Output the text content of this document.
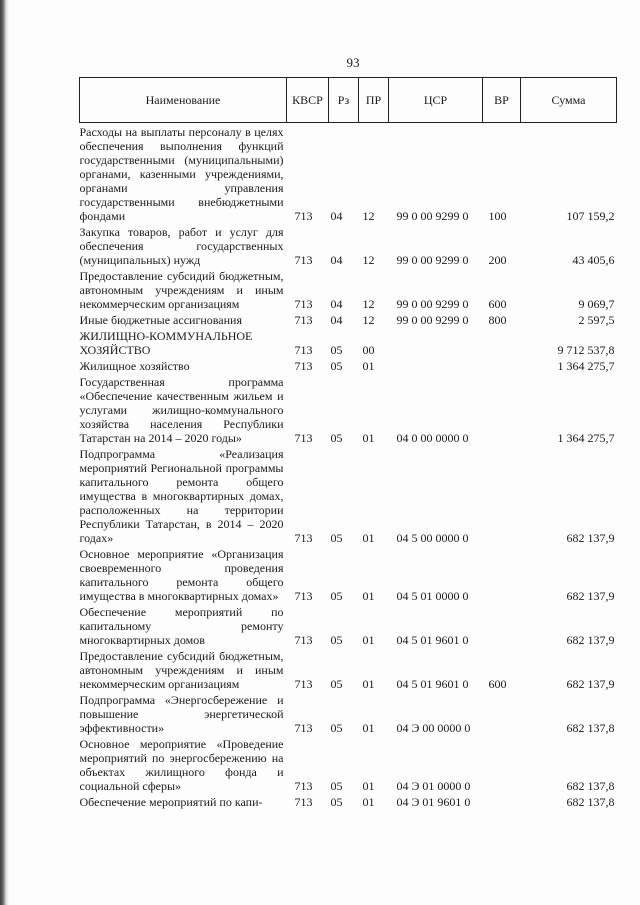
93
Наименование	КВСР	Рз	ПР	ЦСР	ВР	Сумма
Расходы на выплаты персоналу в целях обеспечения выполнения функций государственными (муниципальными) органами, казенными учреждениями, органами управления государственными внебюджетными фондами	713	04	12	99 0 00 9299 0	100	107 159,2
Закупка товаров, работ и услуг для обеспечения государственных (муниципальных) нужд	713	04	12	99 0 00 9299 0	200	43 405,6
Предоставление субсидий бюджетным, автономным учреждениям и иным некоммерческим организациям	713	04	12	99 0 00 9299 0	600	9 069,7
Иные бюджетные ассигнования	713	04	12	99 0 00 9299 0	800	2 597,5
ЖИЛИЩНО-КОММУНАЛЬНОЕ ХОЗЯЙСТВО	713	05	00			9 712 537,8
Жилищное хозяйство	713	05	01			1 364 275,7
Государственная программа «Обеспечение качественным жильем и услугами жилищно-коммунального хозяйства населения Республики Татарстан на 2014 – 2020 годы»	713	05	01	04 0 00 0000 0		1 364 275,7
Подпрограмма «Реализация мероприятий Региональной программы капитального ремонта общего имущества в многоквартирных домах, расположенных на территории Республики Татарстан, в 2014 – 2020 годах»	713	05	01	04 5 00 0000 0		682 137,9
Основное мероприятие «Организация своевременного проведения капитального ремонта общего имущества в многоквартирных домах»	713	05	01	04 5 01 0000 0		682 137,9
Обеспечение мероприятий по капитальному ремонту многоквартирных домов	713	05	01	04 5 01 9601 0		682 137,9
Предоставление субсидий бюджетным, автономным учреждениям и иным некоммерческим организациям	713	05	01	04 5 01 9601 0	600	682 137,9
Подпрограмма «Энергосбережение и повышение энергетической эффективности»	713	05	01	04 Э 00 0000 0		682 137,8
Основное мероприятие «Проведение мероприятий по энергосбережению на объектах жилищного фонда и социальной сферы»	713	05	01	04 Э 01 0000 0		682 137,8
Обеспечение мероприятий по капи-	713	05	01	04 Э 01 9601 0		682 137,8
